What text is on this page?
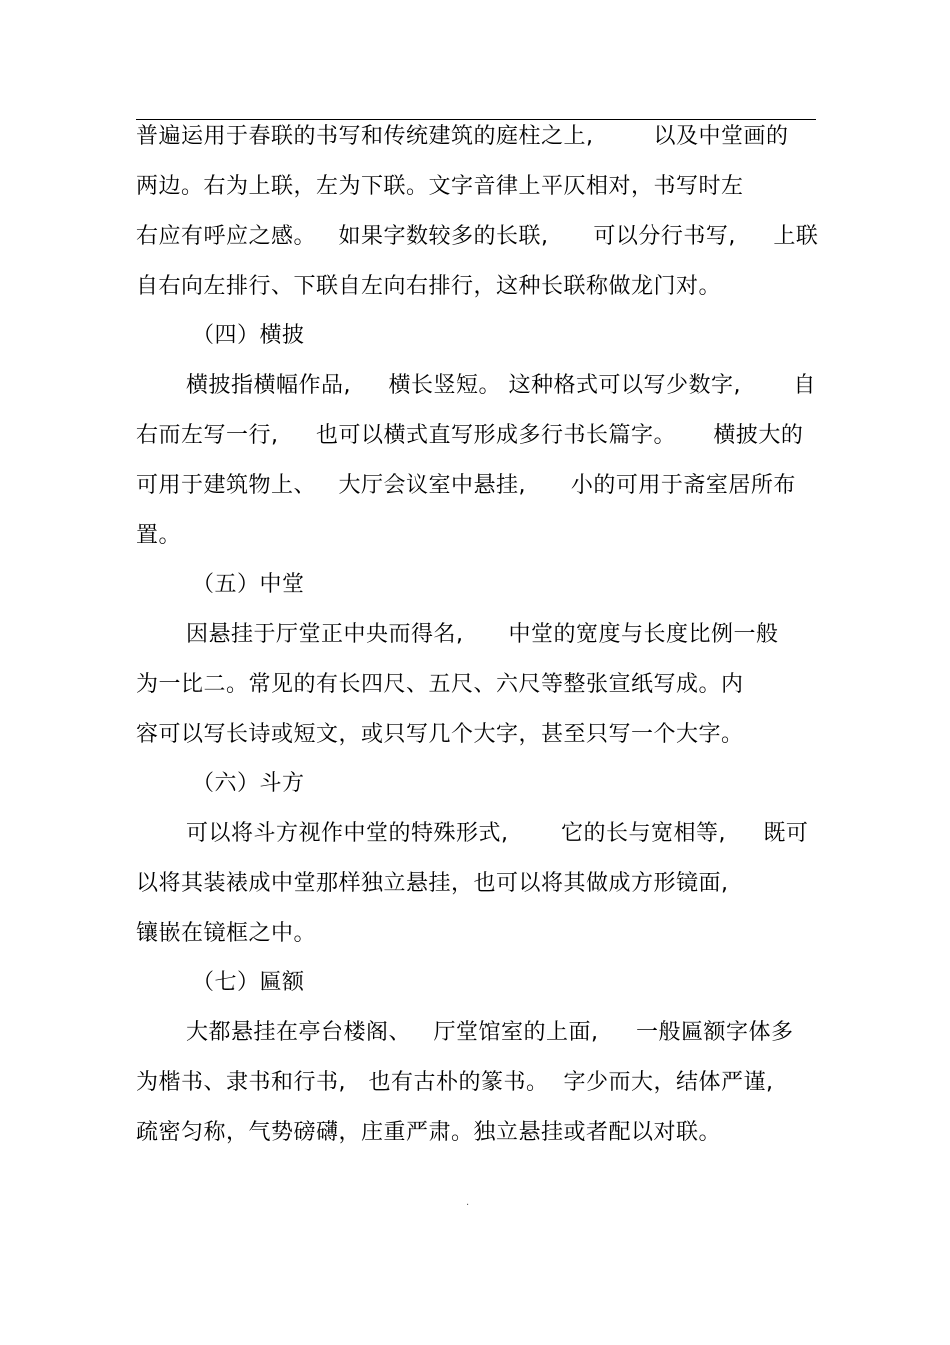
普遍运用于春联的书写和传统建筑的庭柱之上,        以及中堂画的
两边。右为上联，左为下联。文字音律上平仄相对，书写时左
右应有呼应之感。   如果字数较多的长联,      可以分行书写,     上联
自右向左排行、下联自左向右排行，这种长联称做龙门对。
（四）横披
横披指横幅作品,     横长竖短。 这种格式可以写少数字,       自
右而左写一行,     也可以横式直写形成多行书长篇字。     横披大的
可用于建筑物上、   大厅会议室中悬挂,      小的可用于斋室居所布
置。
（五）中堂
因悬挂于厅堂正中央而得名,      中堂的宽度与长度比例一般
为一比二。常见的有长四尺、五尺、六尺等整张宣纸写成。内
容可以写长诗或短文，或只写几个大字，甚至只写一个大字。
（六）斗方
可以将斗方视作中堂的特殊形式,       它的长与宽相等,     既可
以将其装裱成中堂那样独立悬挂，也可以将其做成方形镜面,
镶嵌在镜框之中。
（七）匾额
大都悬挂在亭台楼阁、   厅堂馆室的上面,     一般匾额字体多
为楷书、隶书和行书,   也有古朴的篆书。  字少而大，结体严谨,
疏密匀称，气势磅礴，庄重严肃。独立悬挂或者配以对联。
.
